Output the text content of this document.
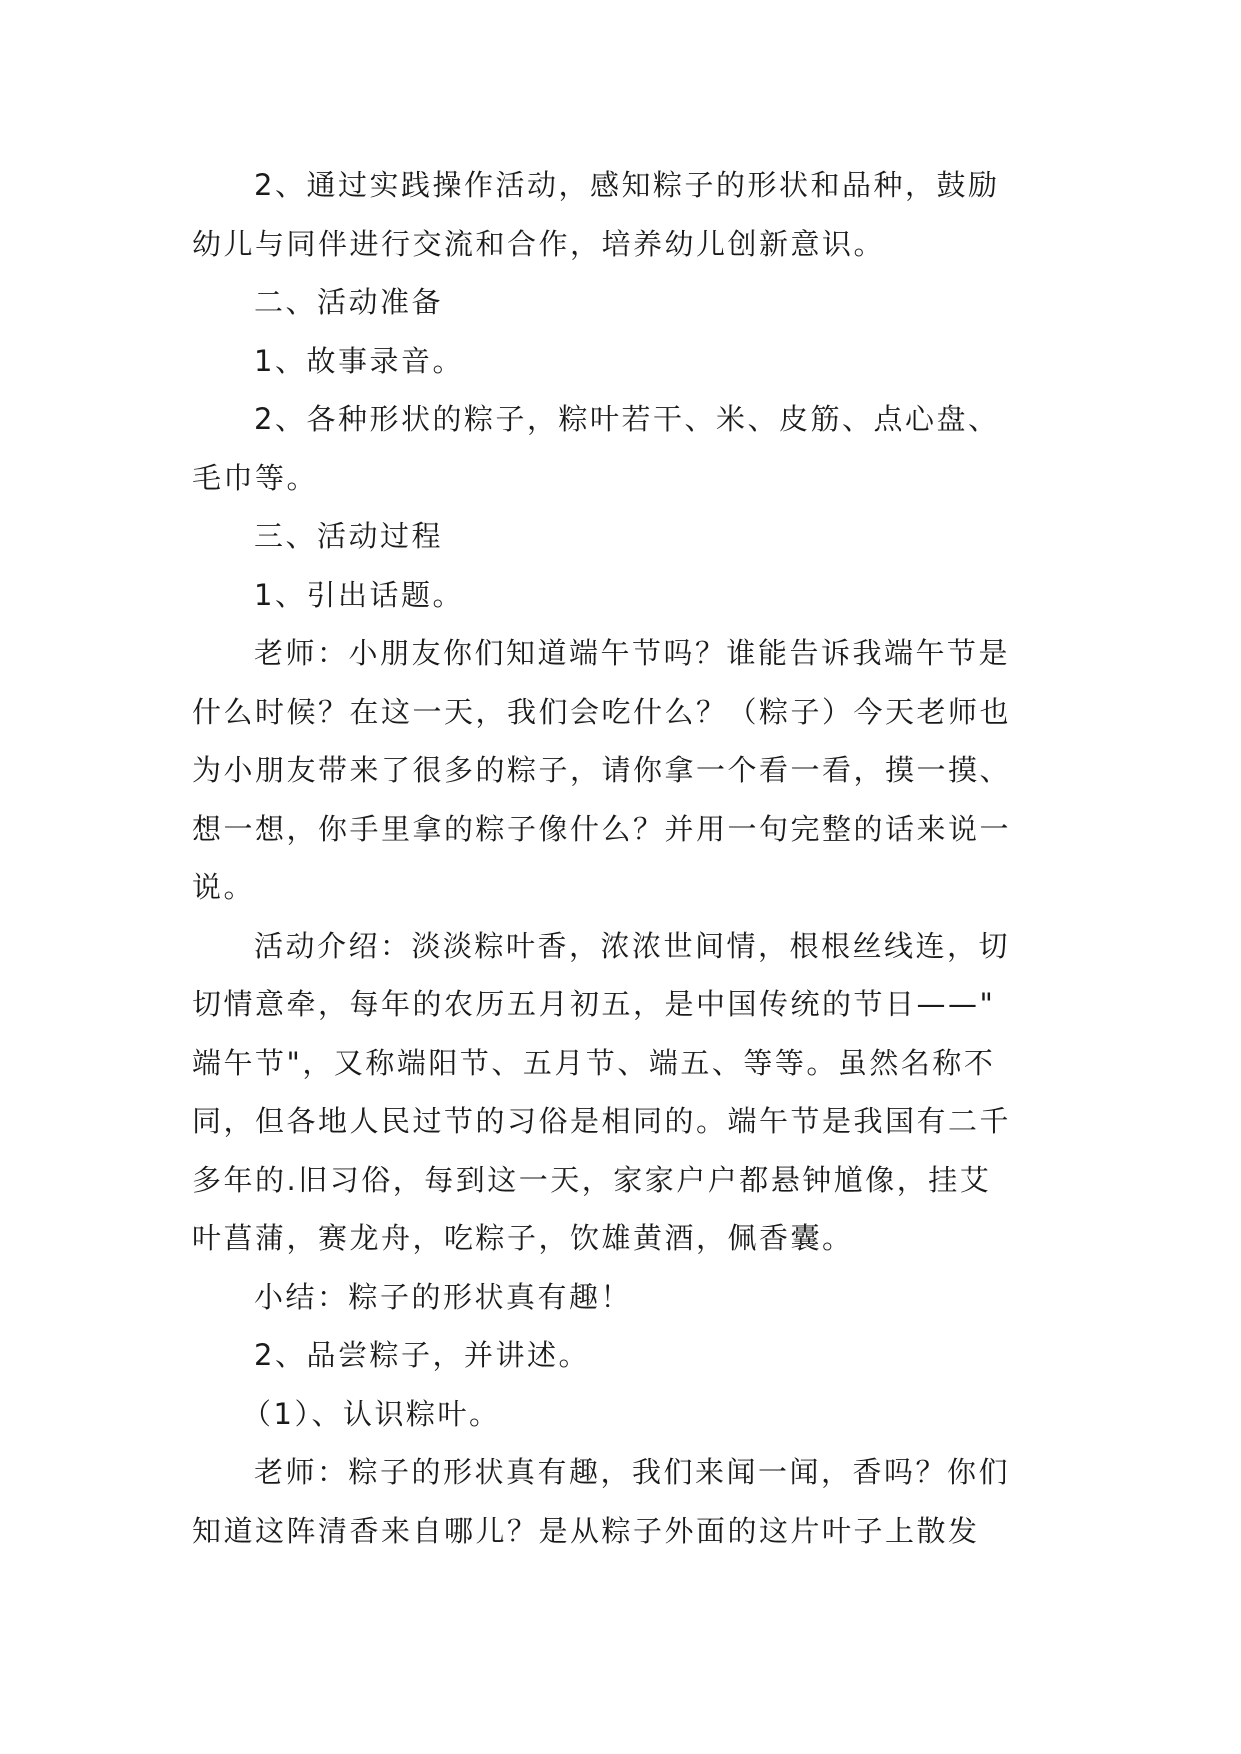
2、通过实践操作活动，感知粽子的形状和品种，鼓励
幼儿与同伴进行交流和合作，培养幼儿创新意识。
二、活动准备
1、故事录音。
2、各种形状的粽子，粽叶若干、米、皮筋、点心盘、
毛巾等。
三、活动过程
1、引出话题。
老师：小朋友你们知道端午节吗？谁能告诉我端午节是
什么时候？在这一天，我们会吃什么？（粽子）今天老师也
为小朋友带来了很多的粽子，请你拿一个看一看，摸一摸、
想一想，你手里拿的粽子像什么？并用一句完整的话来说一
说。
活动介绍：淡淡粽叶香，浓浓世间情，根根丝线连，切
切情意牵，每年的农历五月初五，是中国传统的节日——"
端午节"，又称端阳节、五月节、端五、等等。虽然名称不
同，但各地人民过节的习俗是相同的。端午节是我国有二千
多年的.旧习俗，每到这一天，家家户户都悬钟馗像，挂艾
叶菖蒲，赛龙舟，吃粽子，饮雄黄酒，佩香囊。
小结：粽子的形状真有趣！
2、品尝粽子，并讲述。
（1）、认识粽叶。
老师：粽子的形状真有趣，我们来闻一闻，香吗？你们
知道这阵清香来自哪儿？是从粽子外面的这片叶子上散发
